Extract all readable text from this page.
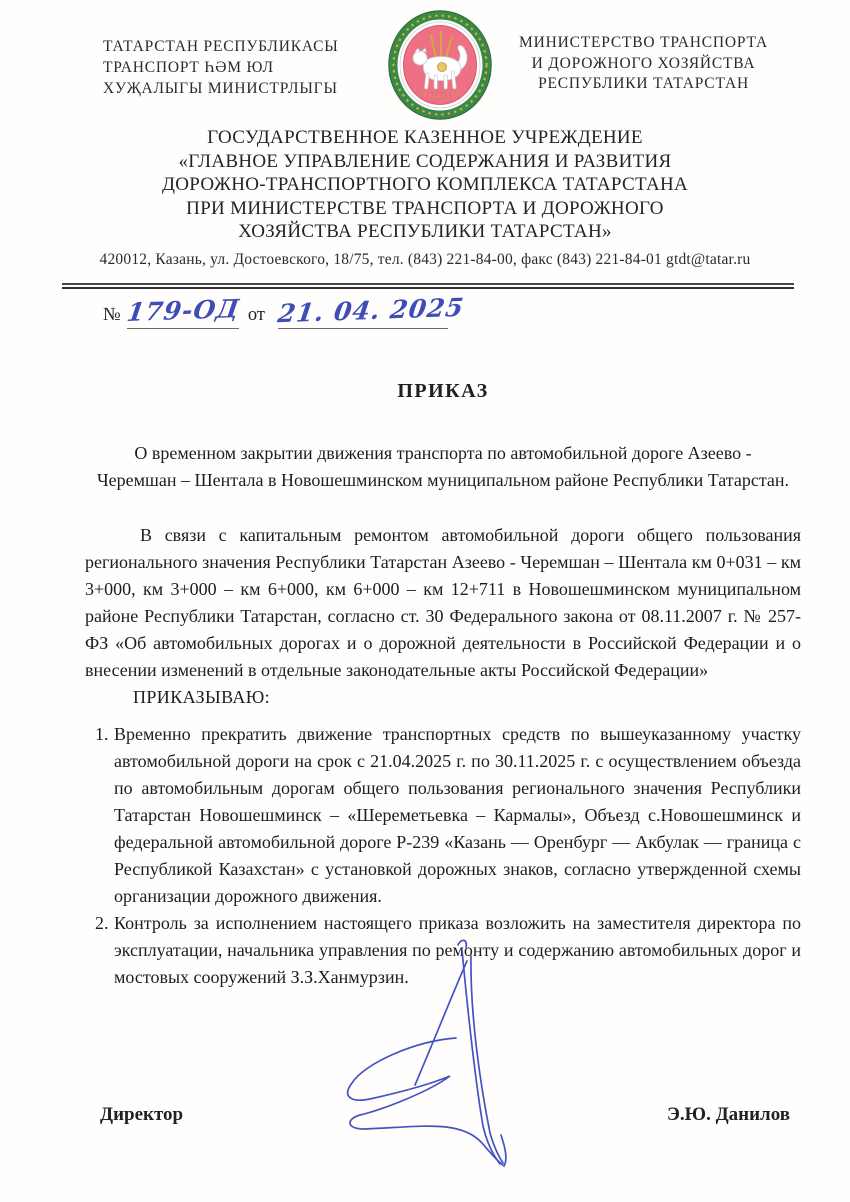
ТАТАРСТАН РЕСПУБЛИКАСЫ
ТРАНСПОРТ ҺӘМ ЮЛ
ХУҖАЛЫГЫ МИНИСТРЛЫГЫ	ТАТАРСТАН
МИНИСТЕРСТВО ТРАНСПОРТА
И ДОРОЖНОГО ХОЗЯЙСТВА
РЕСПУБЛИКИ ТАТАРСТАН
ГОСУДАРСТВЕННОЕ КАЗЕННОЕ УЧРЕЖДЕНИЕ
«ГЛАВНОЕ УПРАВЛЕНИЕ СОДЕРЖАНИЯ И РАЗВИТИЯ
ДОРОЖНО-ТРАНСПОРТНОГО КОМПЛЕКСА ТАТАРСТАНА
ПРИ МИНИСТЕРСТВЕ ТРАНСПОРТА И ДОРОЖНОГО
ХОЗЯЙСТВА РЕСПУБЛИКИ ТАТАРСТАН»
420012, Казань, ул. Достоевского, 18/75, тел. (843) 221-84-00, факс (843) 221-84-01 gtdt@tatar.ru
№ 179-ОД от 21. 04. 2025
ПРИКАЗ

О временном закрытии движения транспорта по автомобильной дороге Азеево - Черемшан – Шентала в Новошешминском муниципальном районе Республики Татарстан.

В связи с капитальным ремонтом автомобильной дороги общего пользования регионального значения Республики Татарстан Азеево - Черемшан – Шентала км 0+031 – км 3+000, км 3+000 – км 6+000, км 6+000 – км 12+711 в Новошешминском муниципальном районе Республики Татарстан, согласно ст. 30 Федерального закона от 08.11.2007 г. № 257-ФЗ «Об автомобильных дорогах и о дорожной деятельности в Российской Федерации и о внесении изменений в отдельные законодательные акты Российской Федерации»

ПРИКАЗЫВАЮ:

1. Временно прекратить движение транспортных средств по вышеуказанному участку автомобильной дороги на срок с 21.04.2025 г. по 30.11.2025 г. с осуществлением объезда по автомобильным дорогам общего пользования регионального значения Республики Татарстан Новошешминск – «Шереметьевка – Кармалы», Объезд с.Новошешминск и федеральной автомобильной дороге Р-239 «Казань — Оренбург — Акбулак — граница с Республикой Казахстан» с установкой дорожных знаков, согласно утвержденной схемы организации дорожного движения.
2. Контроль за исполнением настоящего приказа возложить на заместителя директора по эксплуатации, начальника управления по ремонту и содержанию автомобильных дорог и мостовых сооружений З.З.Ханмурзин.
Директор	Э.Ю. Данилов
